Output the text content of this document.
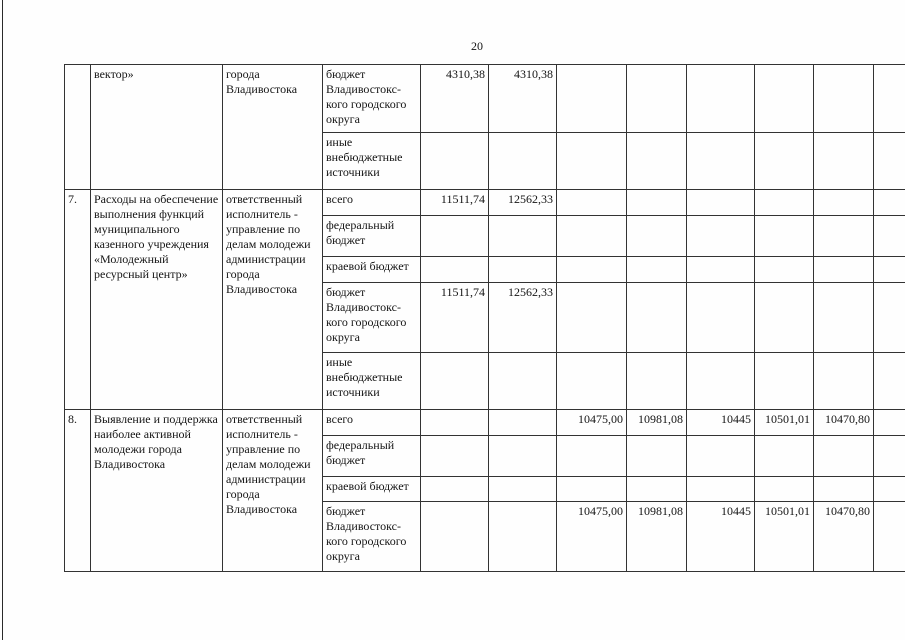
20
	вектор»	города Владивостока	бюджет Владивостокс-кого городского округа	4310,38	4310,38						
			иные внебюджетные источники								
7.	Расходы на обеспечение выполнения функций муниципального казенного учреждения «Молодежный ресурсный центр»	ответственный исполнитель - управление по делам молодежи администрации города Владивостока	всего	11511,74	12562,33						
			федеральный бюджет								
			краевой бюджет								
			бюджет Владивостокс-кого городского округа	11511,74	12562,33						
			иные внебюджетные источники								
8.	Выявление и поддержка наиболее активной молодежи города Владивостока	ответственный исполнитель - управление по делам молодежи администрации города Владивостока	всего			10475,00	10981,08	10445	10501,01	10470,80	
			федеральный бюджет								
			краевой бюджет								
			бюджет Владивостокс-кого городского округа			10475,00	10981,08	10445	10501,01	10470,80	
